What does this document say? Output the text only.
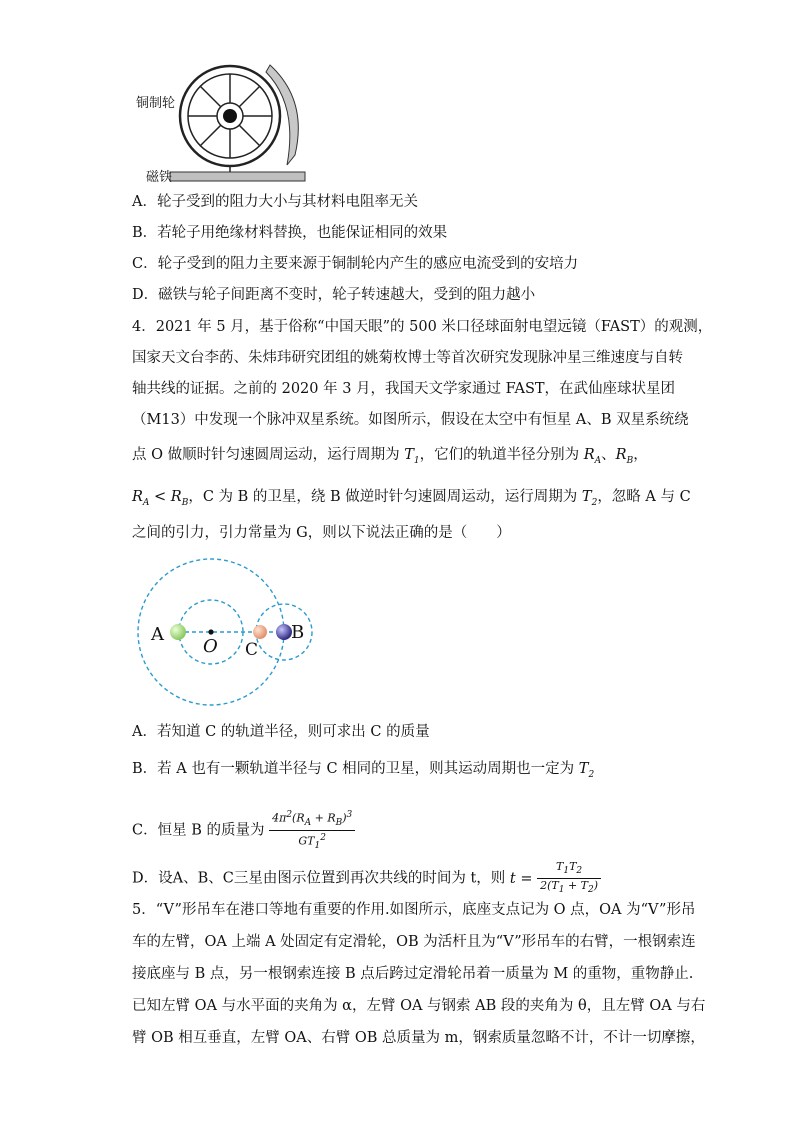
铜制轮
磁铁
A．轮子受到的阻力大小与其材料电阻率无关
B．若轮子用绝缘材料替换，也能保证相同的效果
C．轮子受到的阻力主要来源于铜制轮内产生的感应电流受到的安培力
D．磁铁与轮子间距离不变时，轮子转速越大，受到的阻力越小
4．2021 年 5 月，基于俗称“中国天眼”的 500 米口径球面射电望远镜（FAST）的观测，
国家天文台李菂、朱炜玮研究团组的姚菊枚博士等首次研究发现脉冲星三维速度与自转
轴共线的证据。之前的 2020 年 3 月，我国天文学家通过 FAST，在武仙座球状星团
（M13）中发现一个脉冲双星系统。如图所示，假设在太空中有恒星 A、B 双星系统绕
点 O 做顺时针匀速圆周运动，运行周期为 $T_1$，它们的轨道半径分别为 $R_A$、$R_B$，
$R_A < R_B$，C 为 B 的卫星，绕 B 做逆时针匀速圆周运动，运行周期为 $T_2$，忽略 A 与 C
之间的引力，引力常量为 G，则以下说法正确的是（　　）
A	B
C
O
A．若知道 C 的轨道半径，则可求出 C 的质量
B．若 A 也有一颗轨道半径与 C 相同的卫星，则其运动周期也一定为 $T_2$
C．恒星 B 的质量为 $\frac{4\pi^2(R_A + R_B)^3}{GT_1^2}$
D．设A、B、C三星由图示位置到再次共线的时间为 t，则 $t = \frac{T_1T_2}{2(T_1 + T_2)}$
5．“V”形吊车在港口等地有重要的作用.如图所示，底座支点记为 O 点，OA 为“V”形吊
车的左臂，OA 上端 A 处固定有定滑轮，OB 为活杆且为“V”形吊车的右臂，一根钢索连
接底座与 B 点，另一根钢索连接 B 点后跨过定滑轮吊着一质量为 M 的重物，重物静止.
已知左臂 OA 与水平面的夹角为 α，左臂 OA 与钢索 AB 段的夹角为 θ，且左臂 OA 与右
臂 OB 相互垂直，左臂 OA、右臂 OB 总质量为 m，钢索质量忽略不计，不计一切摩擦，
